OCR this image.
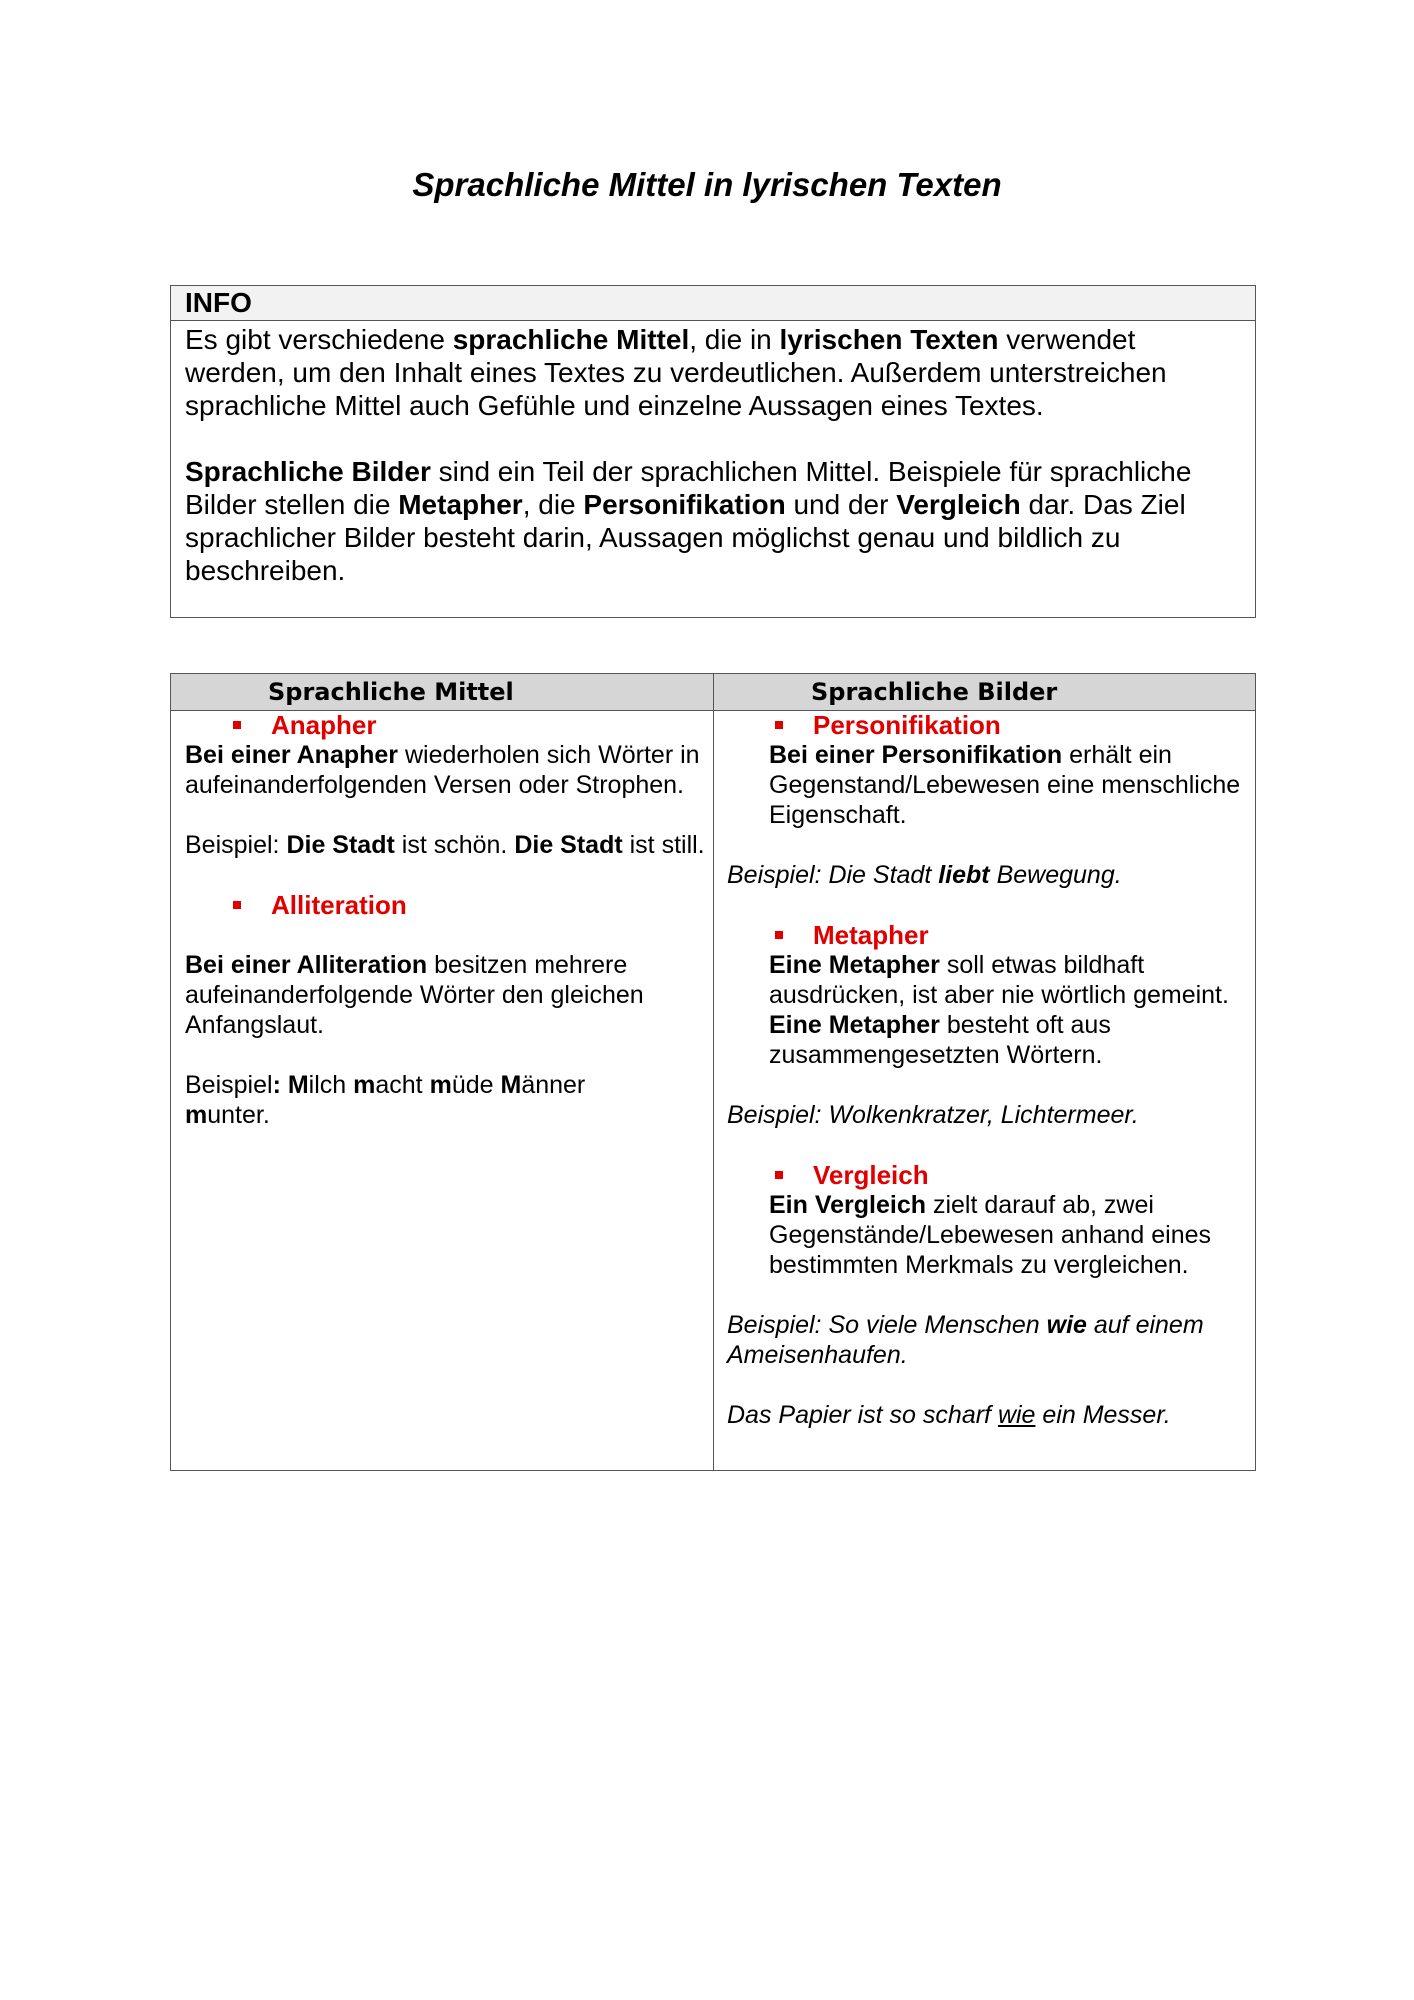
Sprachliche Mittel in lyrischen Texten
INFO

Es gibt verschiedene sprachliche Mittel, die in lyrischen Texten verwendet werden, um den Inhalt eines Textes zu verdeutlichen. Außerdem unterstreichen sprachliche Mittel auch Gefühle und einzelne Aussagen eines Textes.

Sprachliche Bilder sind ein Teil der sprachlichen Mittel. Beispiele für sprachliche Bilder stellen die Metapher, die Personifikation und der Vergleich dar. Das Ziel sprachlicher Bilder besteht darin, Aussagen möglichst genau und bildlich zu beschreiben.

Sprachliche Mittel	Sprachliche Bilder
Anapher

Bei einer Anapher wiederholen sich Wörter in aufeinanderfolgenden Versen oder Strophen.

Beispiel: Die Stadt ist schön. Die Stadt ist still.

Alliteration

Bei einer Alliteration besitzen mehrere aufeinanderfolgende Wörter den gleichen Anfangslaut.

Beispiel: Milch macht müde Männer munter.

Personifikation

Bei einer Personifikation erhält ein Gegenstand/Lebewesen eine menschliche Eigenschaft.

Beispiel: Die Stadt liebt Bewegung.

Metapher

Eine Metapher soll etwas bildhaft ausdrücken, ist aber nie wörtlich gemeint.

Eine Metapher besteht oft aus zusammengesetzten Wörtern.

Beispiel: Wolkenkratzer, Lichtermeer.

Vergleich

Ein Vergleich zielt darauf ab, zwei Gegenstände/Lebewesen anhand eines bestimmten Merkmals zu vergleichen.

Beispiel: So viele Menschen wie auf einem Ameisenhaufen.

Das Papier ist so scharf wie ein Messer.
